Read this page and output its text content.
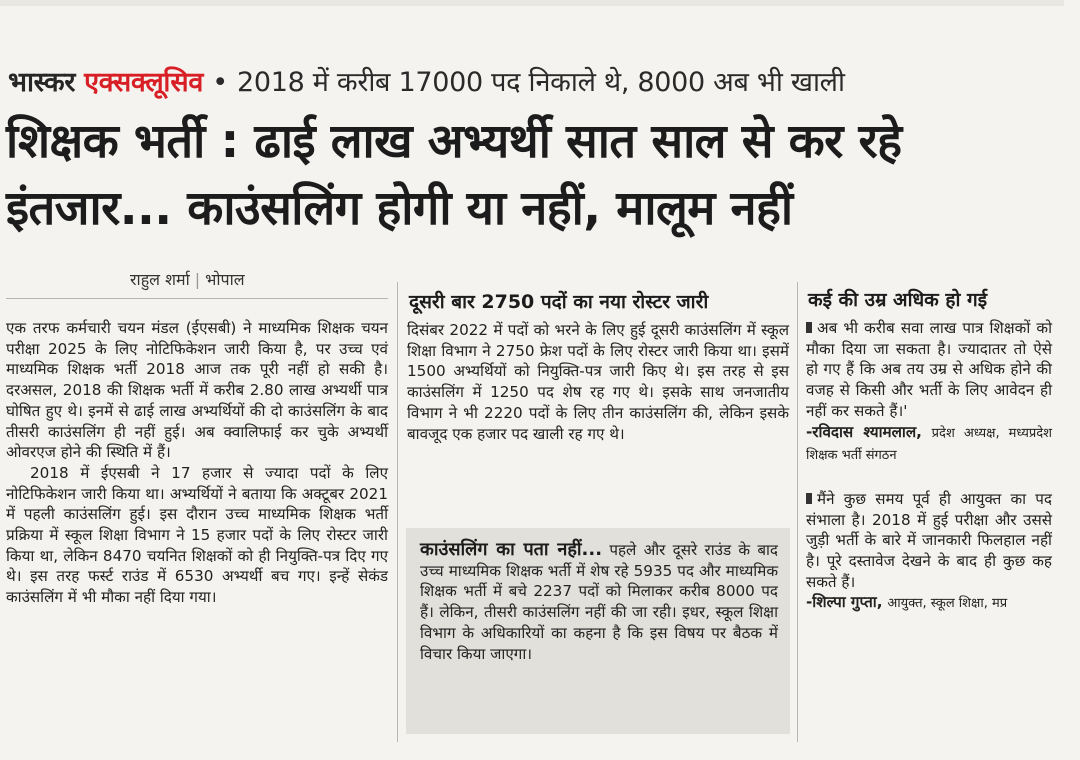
भास्कर एक्सक्लूसिव • 2018 में करीब 17000 पद निकाले थे, 8000 अब भी खाली
शिक्षक भर्ती : ढाई लाख अभ्यर्थी सात साल से कर रहे इंतजार... काउंसलिंग होगी या नहीं, मालूम नहीं
राहुल शर्मा | भोपाल

एक तरफ कर्मचारी चयन मंडल (ईएसबी) ने माध्यमिक शिक्षक चयन परीक्षा 2025 के लिए नोटिफिकेशन जारी किया है, पर उच्च एवं माध्यमिक शिक्षक भर्ती 2018 आज तक पूरी नहीं हो सकी है। दरअसल, 2018 की शिक्षक भर्ती में करीब 2.80 लाख अभ्यर्थी पात्र घोषित हुए थे। इनमें से ढाई लाख अभ्यर्थियों की दो काउंसलिंग के बाद तीसरी काउंसलिंग ही नहीं हुई। अब क्वालिफाई कर चुके अभ्यर्थी ओवरएज होने की स्थिति में हैं।

2018 में ईएसबी ने 17 हजार से ज्यादा पदों के लिए नोटिफिकेशन जारी किया था। अभ्यर्थियों ने बताया कि अक्टूबर 2021 में पहली काउंसलिंग हुई। इस दौरान उच्च माध्यमिक शिक्षक भर्ती प्रक्रिया में स्कूल शिक्षा विभाग ने 15 हजार पदों के लिए रोस्टर जारी किया था, लेकिन 8470 चयनित शिक्षकों को ही नियुक्ति-पत्र दिए गए थे। इस तरह फर्स्ट राउंड में 6530 अभ्यर्थी बच गए। इन्हें सेकंड काउंसलिंग में भी मौका नहीं दिया गया।

दूसरी बार 2750 पदों का नया रोस्टर जारी

दिसंबर 2022 में पदों को भरने के लिए हुई दूसरी काउंसलिंग में स्कूल शिक्षा विभाग ने 2750 फ्रेश पदों के लिए रोस्टर जारी किया था। इसमें 1500 अभ्यर्थियों को नियुक्ति-पत्र जारी किए थे। इस तरह से इस काउंसलिंग में 1250 पद शेष रह गए थे। इसके साथ जनजातीय विभाग ने भी 2220 पदों के लिए तीन काउंसलिंग की, लेकिन इसके बावजूद एक हजार पद खाली रह गए थे।

काउंसलिंग का पता नहीं... पहले और दूसरे राउंड के बाद उच्च माध्यमिक शिक्षक भर्ती में शेष रहे 5935 पद और माध्यमिक शिक्षक भर्ती में बचे 2237 पदों को मिलाकर करीब 8000 पद हैं। लेकिन, तीसरी काउंसलिंग नहीं की जा रही। इधर, स्कूल शिक्षा विभाग के अधिकारियों का कहना है कि इस विषय पर बैठक में विचार किया जाएगा।

कई की उम्र अधिक हो गई

अब भी करीब सवा लाख पात्र शिक्षकों को मौका दिया जा सकता है। ज्यादातर तो ऐसे हो गए हैं कि अब तय उम्र से अधिक होने की वजह से किसी और भर्ती के लिए आवेदन ही नहीं कर सकते हैं।'

-रविदास श्यामलाल, प्रदेश अध्यक्ष, मध्यप्रदेश शिक्षक भर्ती संगठन

मैंने कुछ समय पूर्व ही आयुक्त का पद संभाला है। 2018 में हुई परीक्षा और उससे जुड़ी भर्ती के बारे में जानकारी फिलहाल नहीं है। पूरे दस्तावेज देखने के बाद ही कुछ कह सकते हैं।

-शिल्पा गुप्ता, आयुक्त, स्कूल शिक्षा, मप्र
